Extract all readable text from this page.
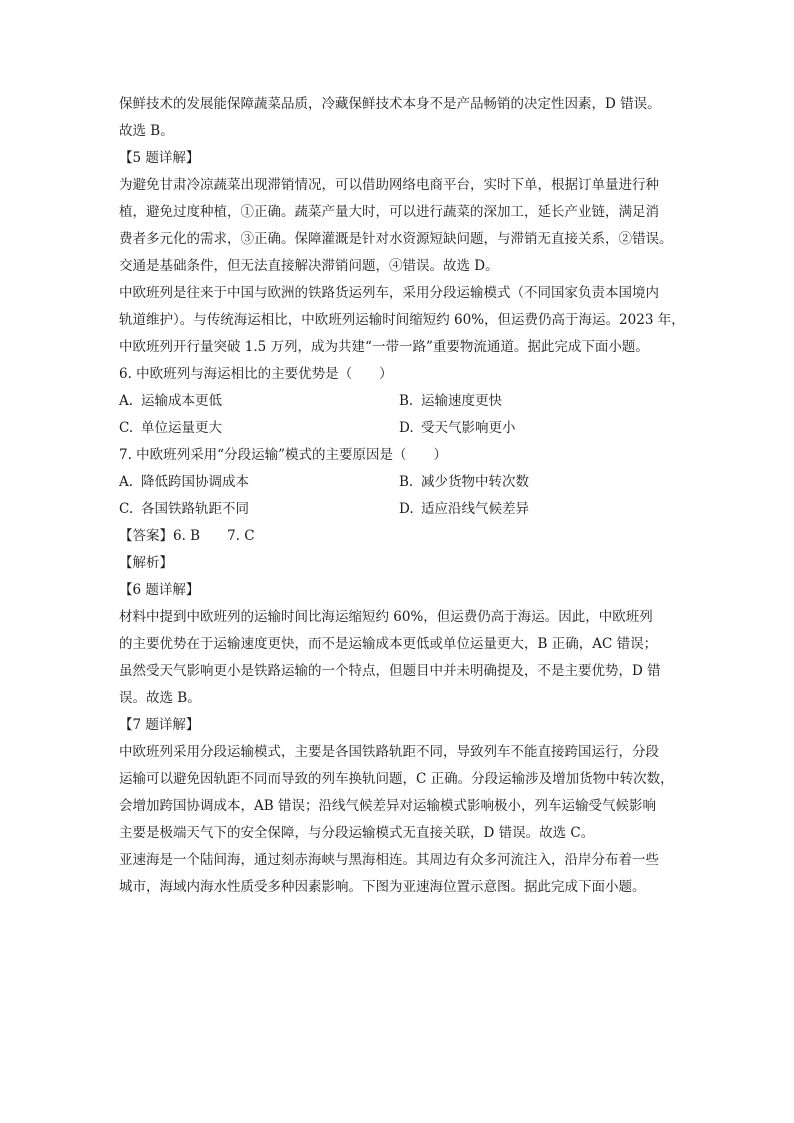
保鲜技术的发展能保障蔬菜品质，冷藏保鲜技术本身不是产品畅销的决定性因素，D 错误。

故选 B。

【5 题详解】

为避免甘肃冷凉蔬菜出现滞销情况，可以借助网络电商平台，实时下单，根据订单量进行种

植，避免过度种植，①正确。蔬菜产量大时，可以进行蔬菜的深加工，延长产业链，满足消

费者多元化的需求，③正确。保障灌溉是针对水资源短缺问题，与滞销无直接关系，②错误。

交通是基础条件，但无法直接解决滞销问题，④错误。故选 D。

中欧班列是往来于中国与欧洲的铁路货运列车，采用分段运输模式（不同国家负责本国境内

轨道维护）。与传统海运相比，中欧班列运输时间缩短约 60%，但运费仍高于海运。2023 年，

中欧班列开行量突破 1.5 万列，成为共建“一带一路”重要物流通道。据此完成下面小题。

6. 中欧班列与海运相比的主要优势是（　　）

A. 运输成本更低	B. 运输速度更快
C. 单位运量更大	D. 受天气影响更小

7. 中欧班列采用“分段运输”模式的主要原因是（　　）

A. 降低跨国协调成本	B. 减少货物中转次数
C. 各国铁路轨距不同	D. 适应沿线气候差异

【答案】6. B　　7. C

【解析】

【6 题详解】

材料中提到中欧班列的运输时间比海运缩短约 60%，但运费仍高于海运。因此，中欧班列

的主要优势在于运输速度更快，而不是运输成本更低或单位运量更大，B 正确，AC 错误；

虽然受天气影响更小是铁路运输的一个特点，但题目中并未明确提及，不是主要优势，D 错

误。故选 B。

【7 题详解】

中欧班列采用分段运输模式，主要是各国铁路轨距不同，导致列车不能直接跨国运行，分段

运输可以避免因轨距不同而导致的列车换轨问题，C 正确。分段运输涉及增加货物中转次数，

会增加跨国协调成本，AB 错误；沿线气候差异对运输模式影响极小，列车运输受气候影响

主要是极端天气下的安全保障，与分段运输模式无直接关联，D 错误。故选 C。

亚速海是一个陆间海，通过刻赤海峡与黑海相连。其周边有众多河流注入，沿岸分布着一些

城市，海域内海水性质受多种因素影响。下图为亚速海位置示意图。据此完成下面小题。
